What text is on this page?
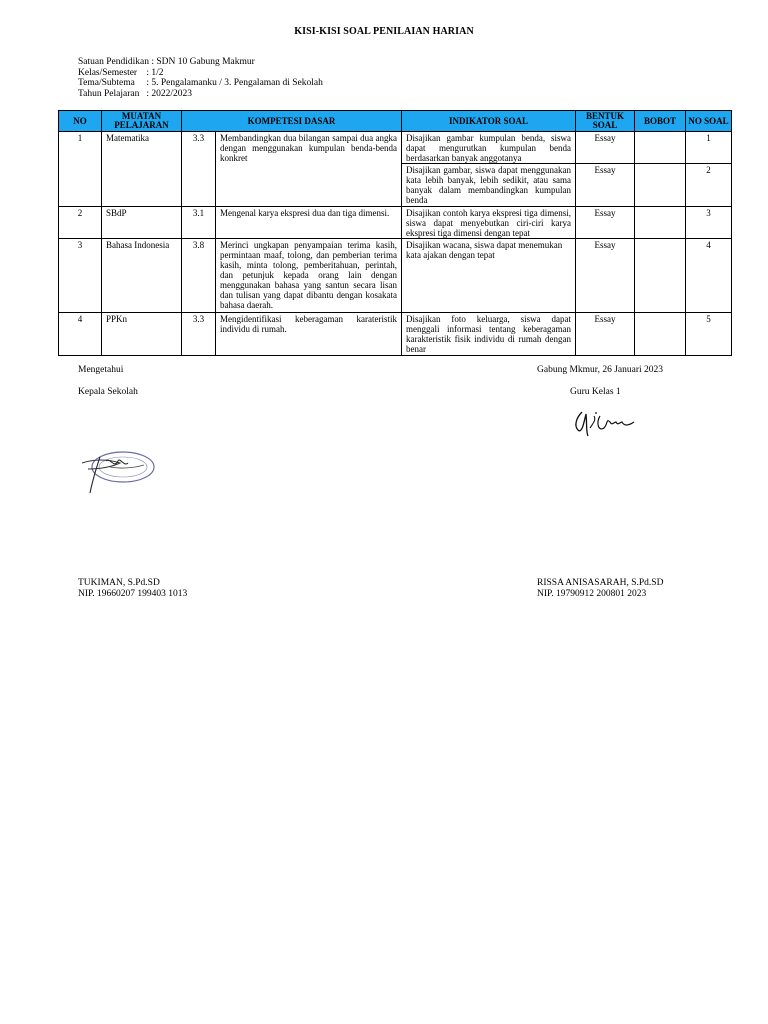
KISI-KISI SOAL PENILAIAN HARIAN
Satuan Pendidikan : SDN 10 Gabung Makmur
Kelas/Semester : 1/2
Tema/Subtema : 5. Pengalamanku / 3. Pengalaman di Sekolah
Tahun Pelajaran : 2022/2023
NO	MUATAN PELAJARAN	KOMPETESI DASAR		INDIKATOR SOAL	BENTUK SOAL	BOBOT	NO SOAL
1	Matematika	3.3	Membandingkan dua bilangan sampai dua angka dengan menggunakan kumpulan benda-benda konkret	Disajikan gambar kumpulan benda, siswa dapat mengurutkan kumpulan benda berdasarkan banyak anggotanya	Essay		1
				Disajikan gambar, siswa dapat menggunakan kata lebih banyak, lebih sedikit, atau sama banyak dalam membandingkan kumpulan benda	Essay		2
2	SBdP	3.1	Mengenal karya ekspresi dua dan tiga dimensi.	Disajikan contoh karya ekspresi tiga dimensi, siswa dapat menyebutkan ciri-ciri karya ekspresi tiga dimensi dengan tepat	Essay		3
3	Bahasa Indonesia	3.8	Merinci ungkapan penyampaian terima kasih, permintaan maaf, tolong, dan pemberian terima kasih, minta tolong, pemberitahuan, perintah, dan petunjuk kepada orang lain dengan menggunakan bahasa yang santun secara lisan dan tulisan yang dapat dibantu dengan kosakata bahasa daerah.	Disajikan wacana, siswa dapat menemukan kata ajakan dengan tepat	Essay		4
4	PPKn	3.3	Mengidentifikasi keberagaman karateristik individu di rumah.	Disajikan foto keluarga, siswa dapat menggali informasi tentang keberagaman karakteristik fisik individu di rumah dengan benar	Essay		5
Mengetahui
Kepala Sekolah
TUKIMAN, S.Pd.SD
NIP. 19660207 199403 1013
Gabung Mkmur, 26 Januari 2023
Guru Kelas 1
RISSA ANISASARAH, S.Pd.SD
NIP. 19790912 200801 2023
